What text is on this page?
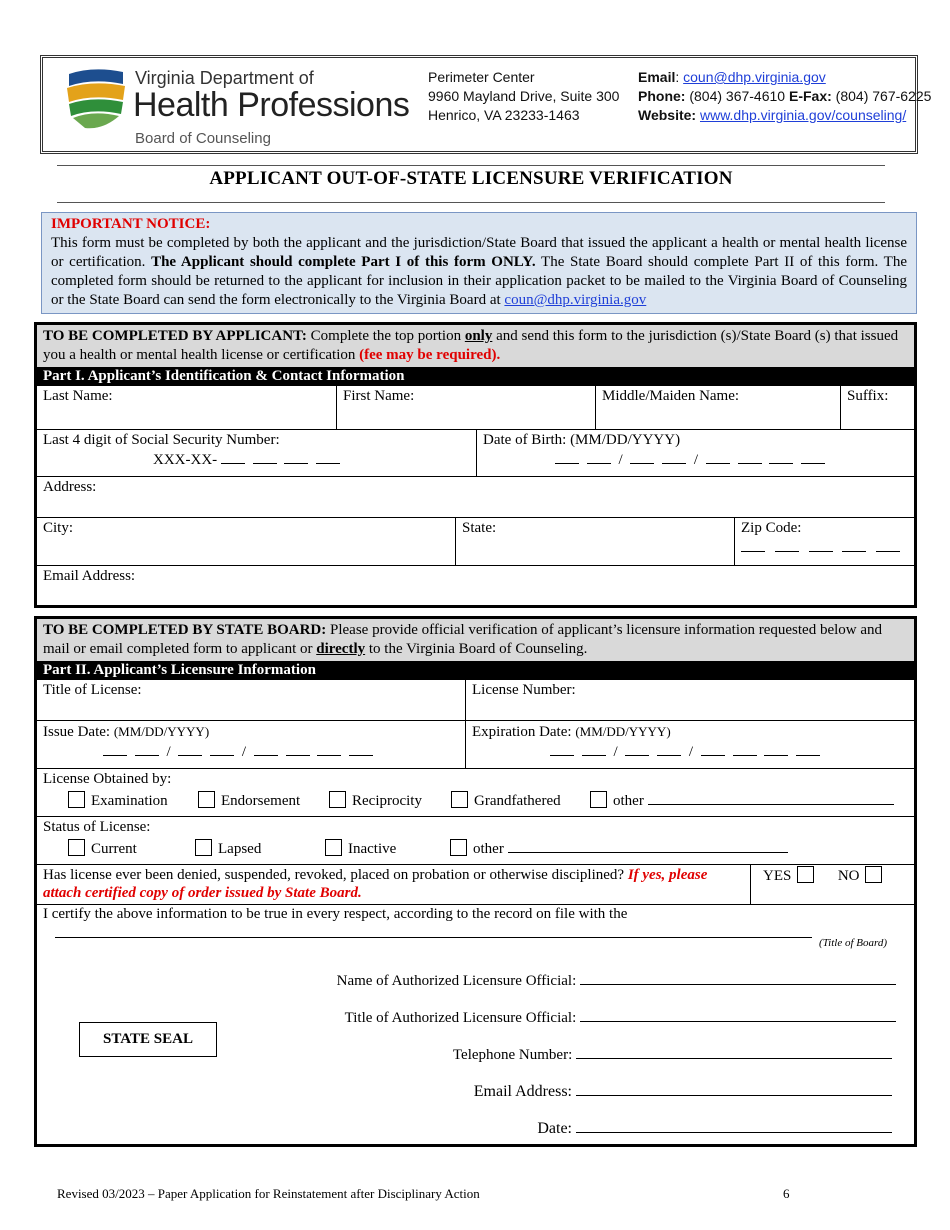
Virginia Department of
Health Professions
Board of Counseling
Perimeter Center
9960 Mayland Drive, Suite 300
Henrico, VA 23233-1463
Email: coun@dhp.virginia.gov
Phone: (804) 367-4610 E-Fax: (804) 767-6225
Website: www.dhp.virginia.gov/counseling/
APPLICANT OUT-OF-STATE LICENSURE VERIFICATION
IMPORTANT NOTICE:
This form must be completed by both the applicant and the jurisdiction/State Board that issued the applicant a health or mental health license or certification. The Applicant should complete Part I of this form ONLY. The State Board should complete Part II of this form. The completed form should be returned to the applicant for inclusion in their application packet to be mailed to the Virginia Board of Counseling or the State Board can send the form electronically to the Virginia Board at coun@dhp.virginia.gov
TO BE COMPLETED BY APPLICANT: Complete the top portion only and send this form to the jurisdiction (s)/State Board (s) that issued you a health or mental health license or certification (fee may be required).
Part I. Applicant’s Identification & Contact Information
Last Name:	First Name:	Middle/Maiden Name:	Suffix:
Last 4 digit of Social Security Number:
XXX-XX-
Date of Birth: (MM/DD/YYYY)
/	/
Address:
City:	State:	Zip Code:

Email Address:
TO BE COMPLETED BY STATE BOARD: Please provide official verification of applicant’s licensure information requested below and mail or email completed form to applicant or directly to the Virginia Board of Counseling.
Part II. Applicant’s Licensure Information
Title of License:	License Number:
Issue Date: (MM/DD/YYYY)
/	/
Expiration Date: (MM/DD/YYYY)
/	/
License Obtained by:
Examination	Endorsement	Reciprocity	Grandfathered	other
Status of License:
Current	Lapsed	Inactive	other
Has license ever been denied, suspended, revoked, placed on probation or otherwise disciplined? If yes, please attach certified copy of order issued by State Board.
YES	NO
I certify the above information to be true in every respect, according to the record on file with the
(Title of Board)
Name of Authorized Licensure Official:
Title of Authorized Licensure Official:
Telephone Number:
Email Address:
Date:
STATE SEAL
Revised 03/2023 – Paper Application for Reinstatement after Disciplinary Action	6
